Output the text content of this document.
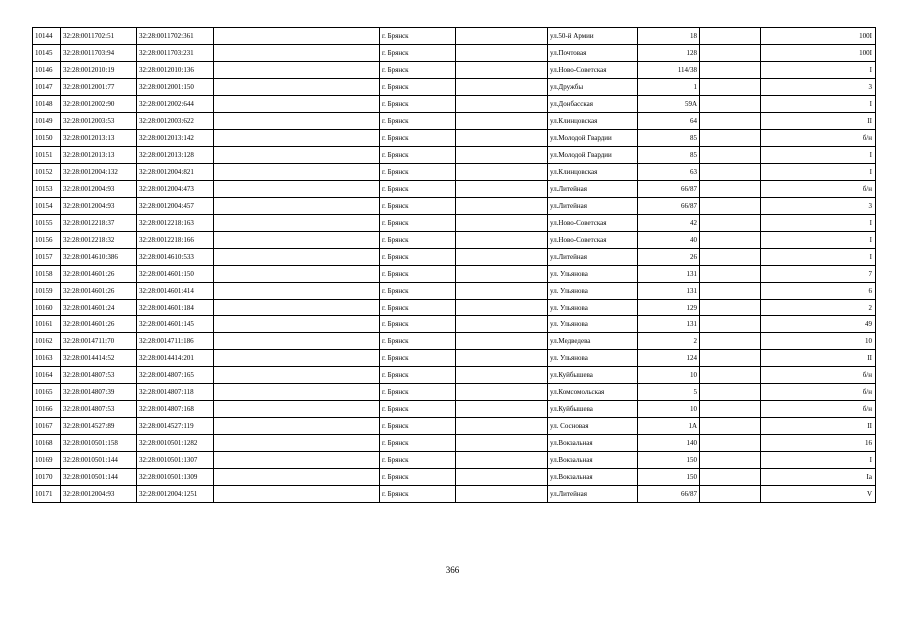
10144	32:28:0011702:51	32:28:0011702:361		г. Брянск		ул.50-й Армии	18		100I
10145	32:28:0011703:94	32:28:0011703:231		г. Брянск		ул.Почтовая	128		100I
10146	32:28:0012010:19	32:28:0012010:136		г. Брянск		ул.Ново-Советская	114/38		I
10147	32:28:0012001:77	32:28:0012001:150		г. Брянск		ул.Дружбы	1		3
10148	32:28:0012002:90	32:28:0012002:644		г. Брянск		ул.Донбасская	59А		I
10149	32:28:0012003:53	32:28:0012003:622		г. Брянск		ул.Клинцовская	64		II
10150	32:28:0012013:13	32:28:0012013:142		г. Брянск		ул.Молодой Гвардии	85		б/н
10151	32:28:0012013:13	32:28:0012013:128		г. Брянск		ул.Молодой Гвардии	85		I
10152	32:28:0012004:132	32:28:0012004:821		г. Брянск		ул.Клинцовская	63		I
10153	32:28:0012004:93	32:28:0012004:473		г. Брянск		ул.Литейная	66/87		б/н
10154	32:28:0012004:93	32:28:0012004:457		г. Брянск		ул.Литейная	66/87		3
10155	32:28:0012218:37	32:28:0012218:163		г. Брянск		ул.Ново-Советская	42		I
10156	32:28:0012218:32	32:28:0012218:166		г. Брянск		ул.Ново-Советская	40		I
10157	32:28:0014610:386	32:28:0014610:533		г. Брянск		ул.Литейная	26		I
10158	32:28:0014601:26	32:28:0014601:150		г. Брянск		ул. Ульянова	131		7
10159	32:28:0014601:26	32:28:0014601:414		г. Брянск		ул. Ульянова	131		6
10160	32:28:0014601:24	32:28:0014601:184		г. Брянск		ул. Ульянова	129		2
10161	32:28:0014601:26	32:28:0014601:145		г. Брянск		ул. Ульянова	131		49
10162	32:28:0014711:70	32:28:0014711:186		г. Брянск		ул.Медведева	2		10
10163	32:28:0014414:52	32:28:0014414:201		г. Брянск		ул. Ульянова	124		II
10164	32:28:0014807:53	32:28:0014807:165		г. Брянск		ул.Куйбышева	10		б/н
10165	32:28:0014807:39	32:28:0014807:118		г. Брянск		ул.Комсомольская	5		б/н
10166	32:28:0014807:53	32:28:0014807:168		г. Брянск		ул.Куйбышева	10		б/н
10167	32:28:0014527:89	32:28:0014527:119		г. Брянск		ул. Сосновая	1А		II
10168	32:28:0010501:158	32:28:0010501:1282		г. Брянск		ул.Вокзальная	140		16
10169	32:28:0010501:144	32:28:0010501:1307		г. Брянск		ул.Вокзальная	150		I
10170	32:28:0010501:144	32:28:0010501:1309		г. Брянск		ул.Вокзальная	150		Ia
10171	32:28:0012004:93	32:28:0012004:1251		г. Брянск		ул.Литейная	66/87		V
366
